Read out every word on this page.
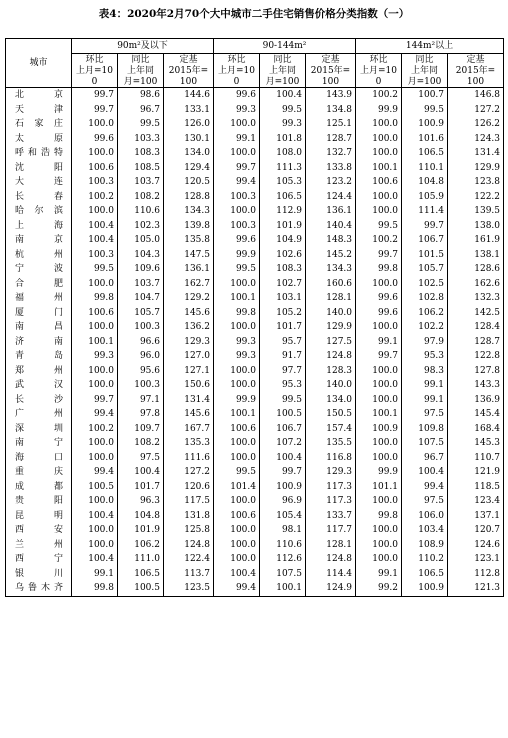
表4：2020年2月70个大中城市二手住宅销售价格分类指数（一）
城市	90m²及以下			90-144m²			144m²以上		
	环比	同比	定基	环比	同比	定基	环比	同比	定基
	上月=10	上年同	2015年=	上月=10	上年同	2015年=	上月=10	上年同	2015年=
	0	月=100	100	0	月=100	100	0	月=100	100
北　京	99.7	98.6	144.6	99.6	100.4	143.9	100.2	100.7	146.8
天　津	99.7	96.7	133.1	99.3	99.5	134.8	99.9	99.5	127.2
石家庄	100.0	99.5	126.0	100.0	99.3	125.1	100.0	100.9	126.2
太　原	99.6	103.3	130.1	99.1	101.8	128.7	100.0	101.6	124.3
呼和浩特	100.0	108.3	134.0	100.0	108.0	132.7	100.0	106.5	131.4
沈　阳	100.6	108.5	129.4	99.7	111.3	133.8	100.1	110.1	129.9
大　连	100.3	103.7	120.5	99.4	105.3	123.2	100.6	104.8	123.8
长　春	100.2	108.2	128.8	100.3	106.5	124.4	100.0	105.9	122.2
哈尔滨	100.0	110.6	134.3	100.0	112.9	136.1	100.0	111.4	139.5
上　海	100.4	102.3	139.8	100.3	101.9	140.4	99.5	99.7	138.0
南　京	100.4	105.0	135.8	99.6	104.9	148.3	100.2	106.7	161.9
杭　州	100.3	104.3	147.5	99.9	102.6	145.2	99.7	101.5	138.1
宁　波	99.5	109.6	136.1	99.5	108.3	134.3	99.8	105.7	128.6
合　肥	100.0	103.7	162.7	100.0	102.7	160.6	100.0	102.5	162.6
福　州	99.8	104.7	129.2	100.1	103.1	128.1	99.6	102.8	132.3
厦　门	100.6	105.7	145.6	99.8	105.2	140.0	99.6	106.2	142.5
南　昌	100.0	100.3	136.2	100.0	101.7	129.9	100.0	102.2	128.4
济　南	100.1	96.6	129.3	99.3	95.7	127.5	99.1	97.9	128.7
青　岛	99.3	96.0	127.0	99.3	91.7	124.8	99.7	95.3	122.8
郑　州	100.0	95.6	127.1	100.0	97.7	128.3	100.0	98.3	127.8
武　汉	100.0	100.3	150.6	100.0	95.3	140.0	100.0	99.1	143.3
长　沙	99.7	97.1	131.4	99.9	99.5	134.0	100.0	99.1	136.9
广　州	99.4	97.8	145.6	100.1	100.5	150.5	100.1	97.5	145.4
深　圳	100.2	109.7	167.7	100.6	106.7	157.4	100.9	109.8	168.4
南　宁	100.0	108.2	135.3	100.0	107.2	135.5	100.0	107.5	145.3
海　口	100.0	97.5	111.6	100.0	100.4	116.8	100.0	96.7	110.7
重　庆	99.4	100.4	127.2	99.5	99.7	129.3	99.9	100.4	121.9
成　都	100.5	101.7	120.6	101.4	100.9	117.3	101.1	99.4	118.5
贵　阳	100.0	96.3	117.5	100.0	96.9	117.3	100.0	97.5	123.4
昆　明	100.4	104.8	131.8	100.6	105.4	133.7	99.8	106.0	137.1
西　安	100.0	101.9	125.8	100.0	98.1	117.7	100.0	103.4	120.7
兰　州	100.0	106.2	124.8	100.0	110.6	128.1	100.0	108.9	124.6
西　宁	100.4	111.0	122.4	100.0	112.6	124.8	100.0	110.2	123.1
银　川	99.1	106.5	113.7	100.4	107.5	114.4	99.1	106.5	112.8
乌鲁木齐	99.8	100.5	123.5	99.4	100.1	124.9	99.2	100.9	121.3
